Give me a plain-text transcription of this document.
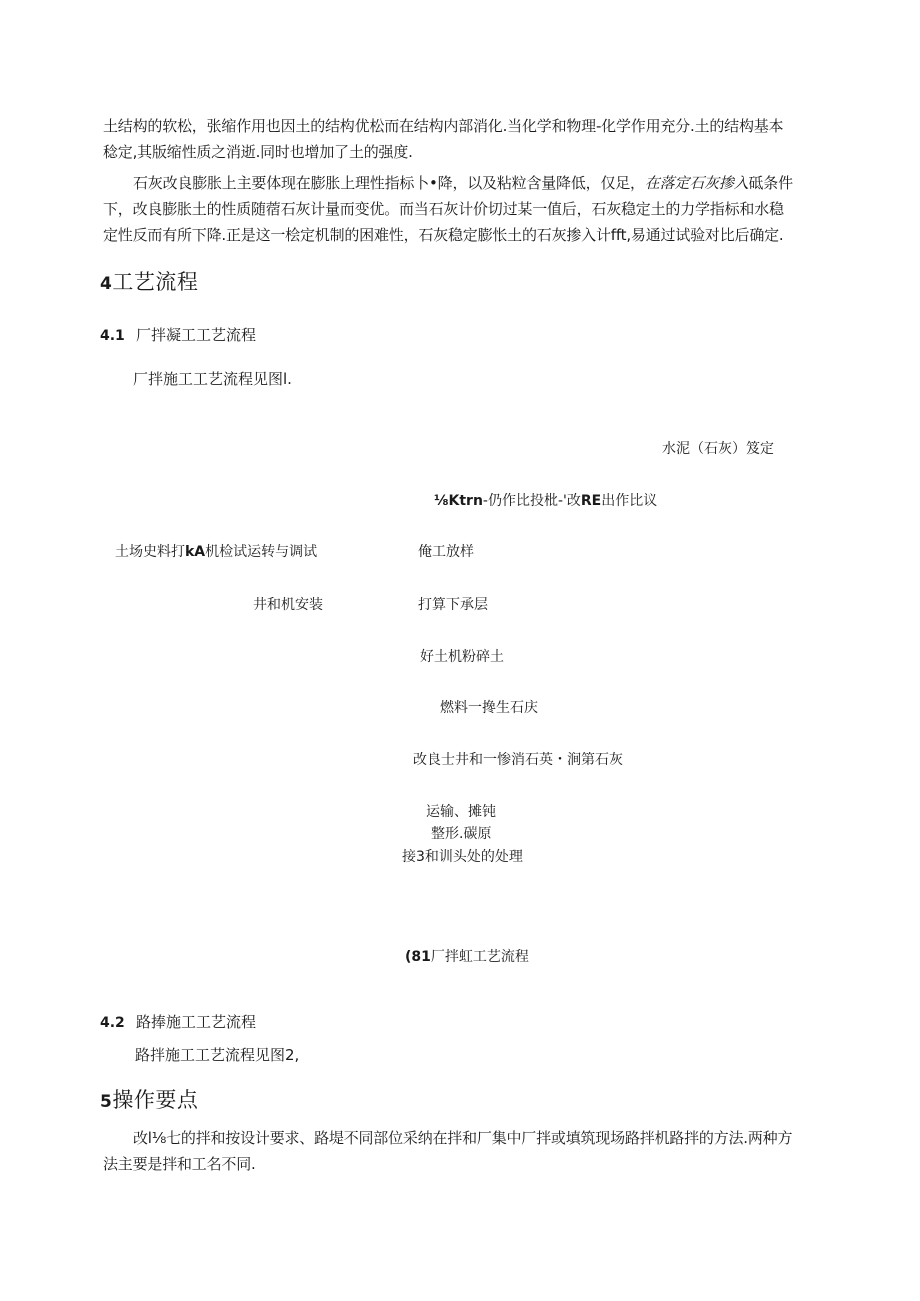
土结构的软松，张缩作用也因土的结构优松而在结构内部消化.当化学和物理-化学作用充分.土的结构基本
稔定,其版缩性质之消逝.同时也增加了土的强度.
石灰改良膨胀上主要体现在膨胀上理性指标卜•降，以及粘粒含量降低，仅足，在落定石灰掺入砥条件
下，改良膨胀土的性质随蓿石灰计量而变优。而当石灰计价切过某一值后，石灰稳定土的力学指标和水稳
定性反而有所下降.正是这一桧定机制的困难性，石灰稳定膨怅土的石灰掺入计fft,易通过试验对比后确定.
4工艺流程
4.1 厂拌凝工工艺流程
厂拌施工工艺流程见图l.
水泥（石灰）笈定
⅛Ktrn-仍作比投枇-'改RE出作比议
土场史料打kA机检试运转与调试	俺工放样
井和机安装	打算下承层
好土机粉碎土
燃料一搀生石庆
改良士井和一惨消石英・涧第石灰
运输、摊钝
整形.碳原
接3和训头处的处理
(81厂拌虹工艺流程
4.2 路捧施工工艺流程
路拌施工工艺流程见图2,
5操作要点
改l⅛七的拌和按设计要求、路堤不同部位采纳在拌和厂集中厂拌或填筑现场路拌机路拌的方法.两种方
法主要是拌和工名不同.
